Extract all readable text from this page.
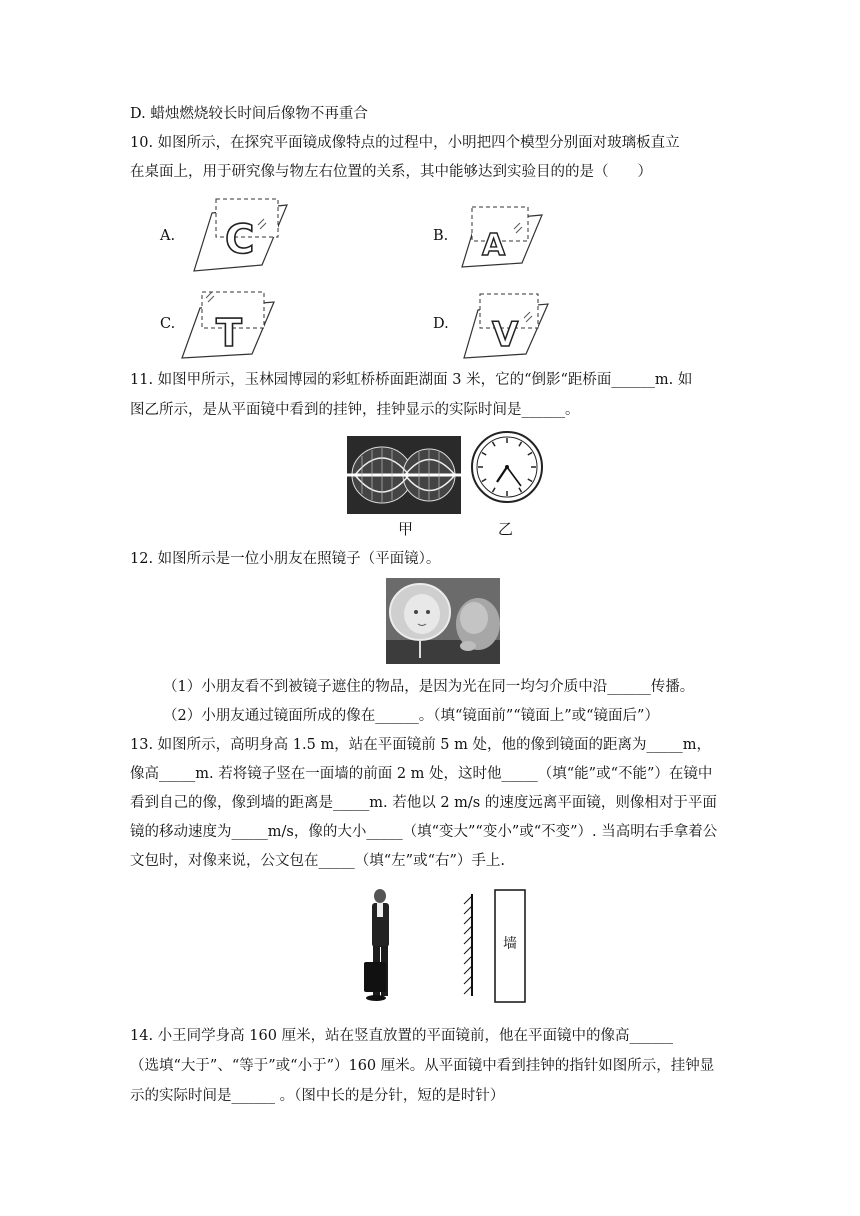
D. 蜡烛燃烧较长时间后像物不再重合
10. 如图所示，在探究平面镜成像特点的过程中，小明把四个模型分别面对玻璃板直立
在桌面上，用于研究像与物左右位置的关系，其中能够达到实验目的的是（　　）
A. C	B. A
C. T	D. V
11. 如图甲所示，玉林园博园的彩虹桥桥面距湖面 3 米，它的“倒影“距桥面______m. 如
图乙所示，是从平面镜中看到的挂钟，挂钟显示的实际时间是______。
甲	乙
12. 如图所示是一位小朋友在照镜子（平面镜）。
（1）小朋友看不到被镜子遮住的物品，是因为光在同一均匀介质中沿______传播。
（2）小朋友通过镜面所成的像在______。（填“镜面前”“镜面上”或“镜面后”）
13. 如图所示，高明身高 1.5 m，站在平面镜前 5 m 处，他的像到镜面的距离为_____m，
像高_____m. 若将镜子竖在一面墙的前面 2 m 处，这时他_____（填“能”或“不能”）在镜中
看到自己的像，像到墙的距离是_____m. 若他以 2 m/s 的速度远离平面镜，则像相对于平面
镜的移动速度为_____m/s，像的大小_____（填“变大”“变小”或“不变”）. 当高明右手拿着公
文包时，对像来说，公文包在_____（填“左”或“右”）手上.
墙
14. 小王同学身高 160 厘米，站在竖直放置的平面镜前，他在平面镜中的像高______
（选填“大于”、“等于”或“小于”）160 厘米。从平面镜中看到挂钟的指针如图所示，挂钟显
示的实际时间是______ 。（图中长的是分针，短的是时针）
